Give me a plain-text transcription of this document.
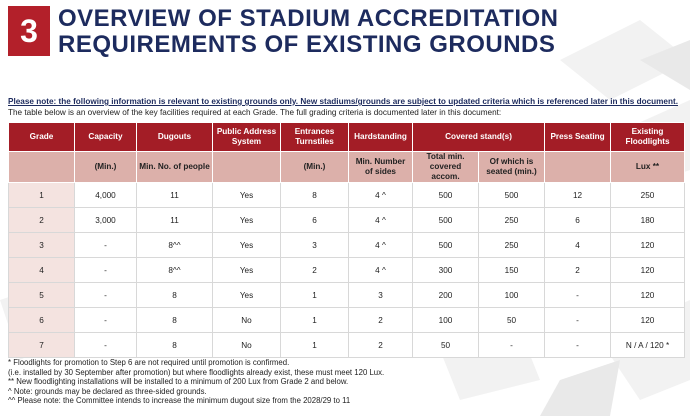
3 OVERVIEW OF STADIUM ACCREDITATION
REQUIREMENTS OF EXISTING GROUNDS
Please note: the following information is relevant to existing grounds only. New stadiums/grounds are subject to updated criteria which is referenced later in this document.
The table below is an overview of the key facilities required at each Grade. The full grading criteria is documented later in this document:
Grade	Capacity	Dugouts	Public Address System	Entrances Turnstiles	Hardstanding	Covered stand(s)		Press Seating	Existing Floodlights
	(Min.)	Min. No. of people		(Min.)	Min. Number of sides	Total min. covered accom.	Of which is seated (min.)		Lux **
1	4,000	11	Yes	8	4 ^	500	500	12	250
2	3,000	11	Yes	6	4 ^	500	250	6	180
3	-	8^^	Yes	3	4 ^	500	250	4	120
4	-	8^^	Yes	2	4 ^	300	150	2	120
5	-	8	Yes	1	3	200	100	-	120
6	-	8	No	1	2	100	50	-	120
7	-	8	No	1	2	50	-	-	N / A / 120 *
* Floodlights for promotion to Step 6 are not required until promotion is confirmed.
(i.e. installed by 30 September after promotion) but where floodlights already exist, these must meet 120 Lux.
** New floodlighting installations will be installed to a minimum of 200 Lux from Grade 2 and below.
^ Note: grounds may be declared as three-sided grounds.
^^ Please note: the Committee intends to increase the minimum dugout size from the 2028/29 to 11
